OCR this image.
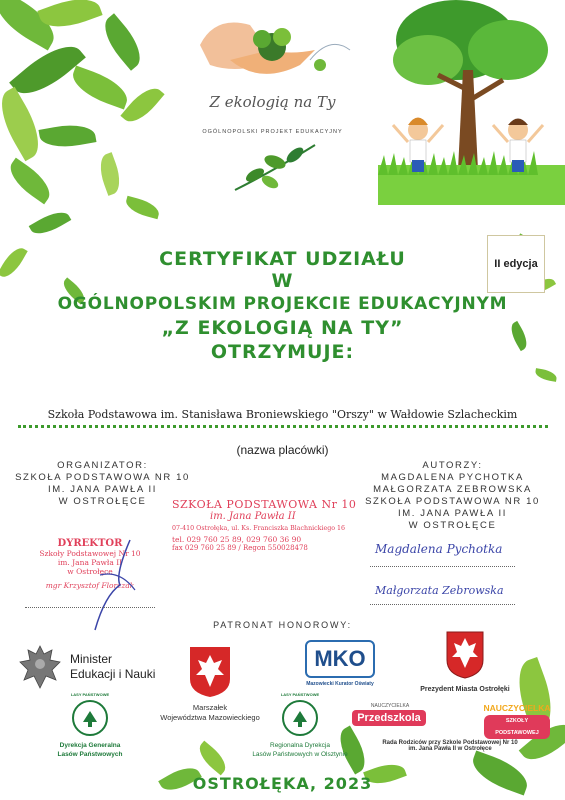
Z ekologią na Ty
OGÓLNOPOLSKI PROJEKT EDUKACYJNY
II edycja
CERTYFIKAT UDZIAŁU
W
OGÓLNOPOLSKIM PROJEKCIE EDUKACYJNYM
„Z EKOLOGIĄ NA TY”
OTRZYMUJE:
Szkoła Podstawowa im. Stanisława Broniewskiego "Orszy" w Wałdowie Szlacheckim
(nazwa placówki)
ORGANIZATOR:
SZKOŁA PODSTAWOWA NR 10
IM. JANA PAWŁA II
W OSTROŁĘCE
AUTORZY:
MAGDALENA PYCHOTKA
MAŁGORZATA ZEBROWSKA
SZKOŁA PODSTAWOWA NR 10
IM. JANA PAWŁA II
W OSTROŁĘCE
SZKOŁA PODSTAWOWA Nr 10
im. Jana Pawła II
07-410 Ostrołęka, ul. Ks. Franciszka Blachnickiego 16
tel. 029 760 25 89, 029 760 36 90
fax 029 760 25 89 / Regon 550028478
DYREKTOR
Szkoły Podstawowej Nr 10
im. Jana Pawła II
w Ostrołęce
mgr Krzysztof Florczak
Magdalena Pychotka
Małgorzata Zebrowska
PATRONAT HONOROWY:
Minister
Edukacji i Nauki
Marszałek
Województwa Mazowieckiego
MKO
Mazowiecki Kurator Oświaty
Prezydent Miasta Ostrołęki
LASY PAŃSTWOWE
Dyrekcja Generalna
Lasów Państwowych
LASY PAŃSTWOWE
Regionalna Dyrekcja
Lasów Państwowych w Olsztynie
NAUCZYCIELKA
Przedszkola
NAUCZYCIELKA
SZKOŁY PODSTAWOWEJ
Rada Rodziców przy Szkole Podstawowej Nr 10
im. Jana Pawła II w Ostrołęce
OSTROŁĘKA, 2023
